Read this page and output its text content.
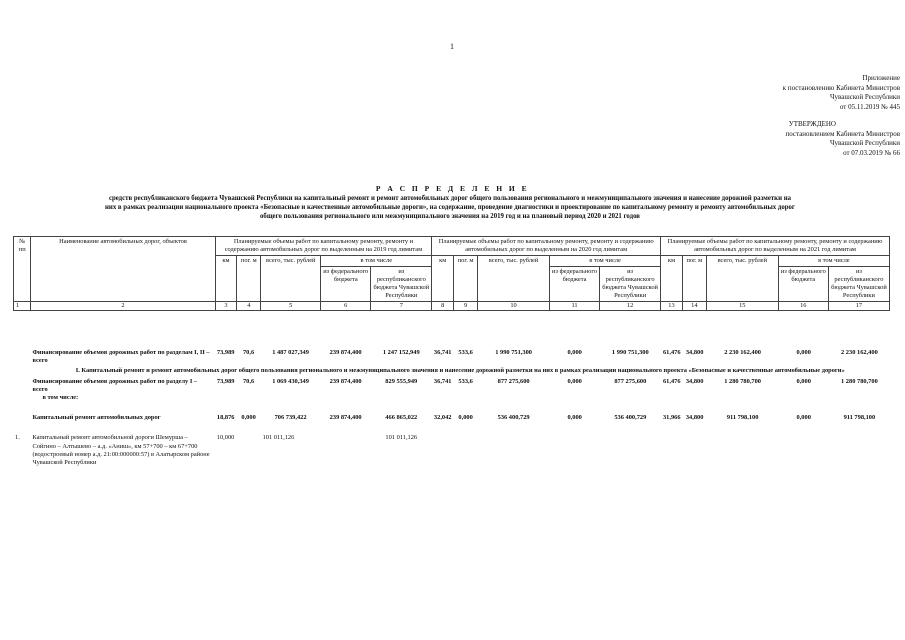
1
Приложение
к постановлению Кабинета Министров
Чувашской Республики
от 05.11.2019 № 445
УТВЕРЖДЕНО
постановлением Кабинета Министров
Чувашской Республики
от 07.03.2019 № 66
Р А С П Р Е Д Е Л Е Н И Е
средств республиканского бюджета Чувашской Республики на капитальный ремонт и ремонт автомобильных дорог общего пользования регионального и межмуниципального значения и нанесение дорожной разметки на
них в рамках реализации национального проекта «Безопасные и качественные автомобильные дороги», на содержание, проведение диагностики и проектирование по капитальному ремонту и ремонту автомобильных дорог
общего пользования регионального или межмуниципального значения на 2019 год и на плановый период 2020 и 2021 годов
№ пп	Наименование автомобильных дорог, объектов	Планируемые объемы работ по капитальному ремонту, ремонту и содержанию автомобильных дорог по выделенным на 2019 год лимитам					Планируемые объемы работ по капитальному ремонту, ремонту и содержанию автомобильных дорог по выделенным на 2020 год лимитам					Планируемые объемы работ по капитальному ремонту, ремонту и содержанию автомобильных дорог по выделенным на 2021 год лимитам				
		км	пог. м	всего, тыс. рублей	в том числе		км	пог. м	всего, тыс. рублей	в том числе		км	пог. м	всего, тыс. рублей	в том числе	
					из федерального бюджета	из республиканского бюджета Чувашской Республики				из федерального бюджета	из республиканского бюджета Чувашской Республики				из федерального бюджета	из республиканского бюджета Чувашской Республики
1	2	3	4	5	6	7	8	9	10	11	12	13	14	15	16	17
	Финансирование объемов дорожных работ по разделам I, II – всего	73,989	70,6	1 487 027,349	239 874,400	1 247 152,949	36,741	533,6	1 990 751,300	0,000	1 990 751,300	61,476	34,800	2 230 162,400	0,000	2 230 162,400
	I. Капитальный ремонт и ремонт автомобильных дорог общего пользования регионального и межмуниципального значения и нанесение дорожной разметки на них в рамках реализации национального проекта «Безопасные и качественные автомобильные дороги»															

	Финансирование объемов дорожных работ по разделу I – всего
в том числе:	73,989	70,6	1 069 430,349	239 874,400	829 555,949	36,741	533,6	877 275,600	0,000	877 275,600	61,476	34,800	1 280 780,700	0,000	1 280 780,700

	Капитальный ремонт автомобильных дорог	18,876	0,000	706 739,422	239 874,400	466 865,022	32,042	0,000	536 400,729	0,000	536 400,729	31,966	34,800	911 798,100	0,000	911 798,100

1.	Капитальный ремонт автомобильной дороги Шемурша – Сойгино – Алтышево – а.д. «Аниш», км 57+700 – км 67+700 (водостроевый номер а.д. 21:00:000000:57) в Алатырском районе Чувашской Республики	10,000		101 011,126		101 011,126										
